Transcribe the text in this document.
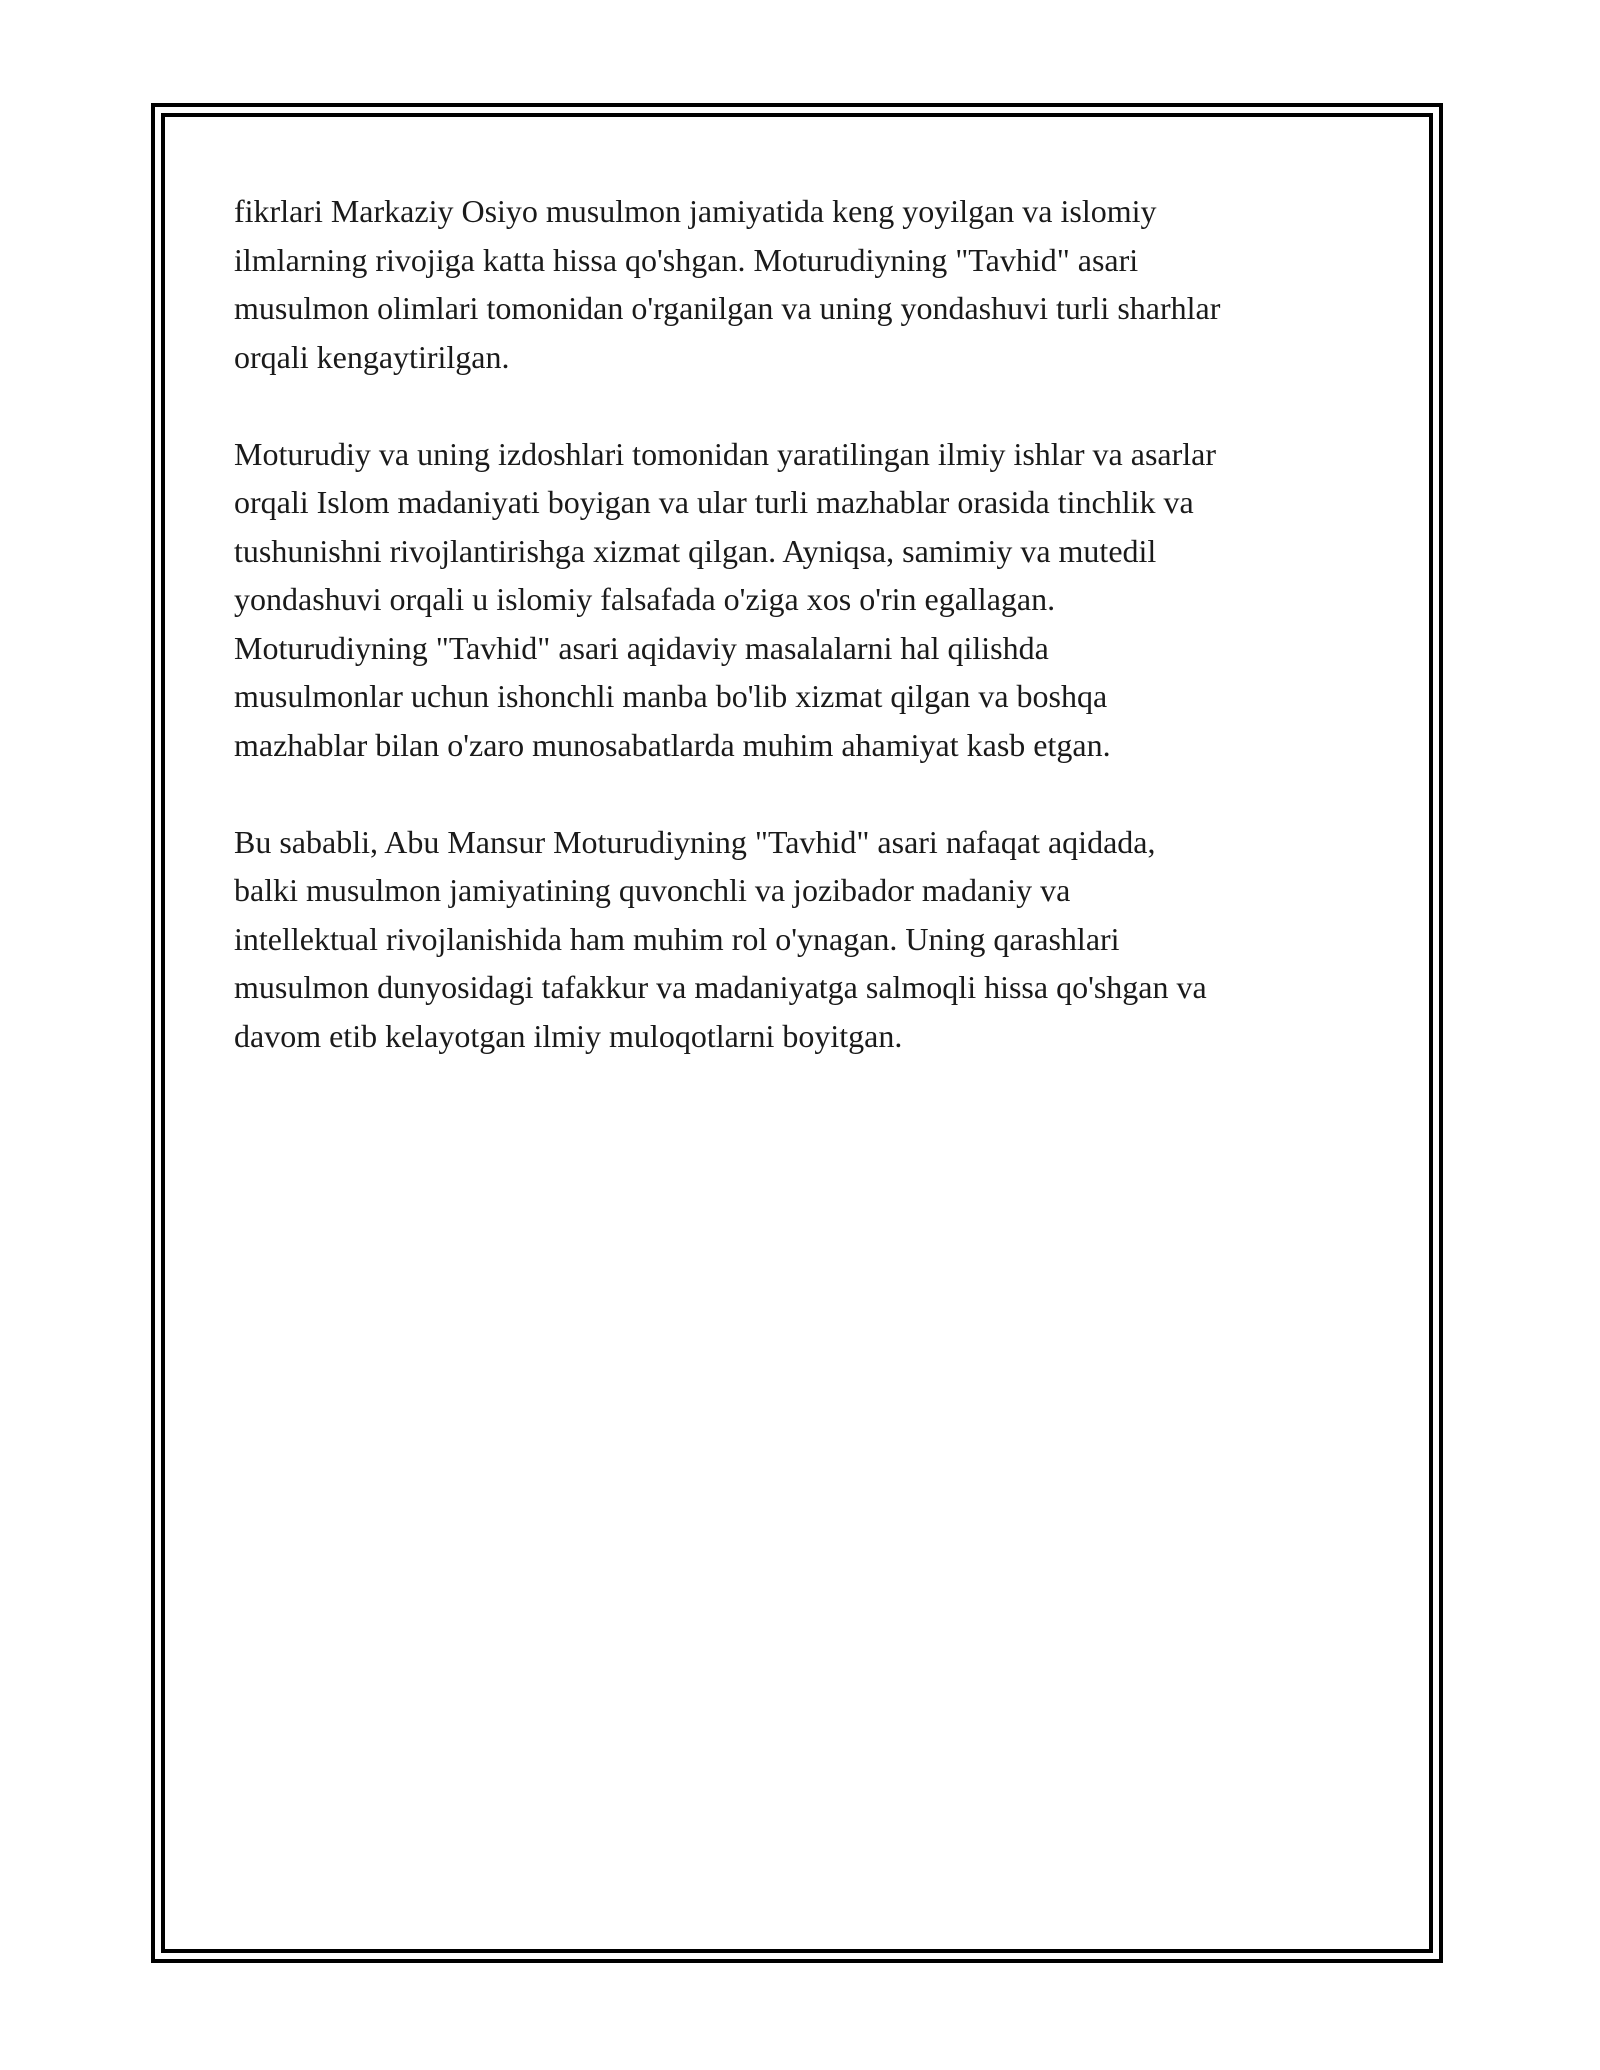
fikrlari Markaziy Osiyo musulmon jamiyatida keng yoyilgan va islomiy
ilmlarning rivojiga katta hissa qo'shgan. Moturudiyning "Tavhid" asari
musulmon olimlari tomonidan o'rganilgan va uning yondashuvi turli sharhlar
orqali kengaytirilgan.

Moturudiy va uning izdoshlari tomonidan yaratilingan ilmiy ishlar va asarlar
orqali Islom madaniyati boyigan va ular turli mazhablar orasida tinchlik va
tushunishni rivojlantirishga xizmat qilgan. Ayniqsa, samimiy va mutedil
yondashuvi orqali u islomiy falsafada o'ziga xos o'rin egallagan.
Moturudiyning "Tavhid" asari aqidaviy masalalarni hal qilishda
musulmonlar uchun ishonchli manba bo'lib xizmat qilgan va boshqa
mazhablar bilan o'zaro munosabatlarda muhim ahamiyat kasb etgan.

Bu sababli, Abu Mansur Moturudiyning "Tavhid" asari nafaqat aqidada,
balki musulmon jamiyatining quvonchli va jozibador madaniy va
intellektual rivojlanishida ham muhim rol o'ynagan. Uning qarashlari
musulmon dunyosidagi tafakkur va madaniyatga salmoqli hissa qo'shgan va
davom etib kelayotgan ilmiy muloqotlarni boyitgan.
